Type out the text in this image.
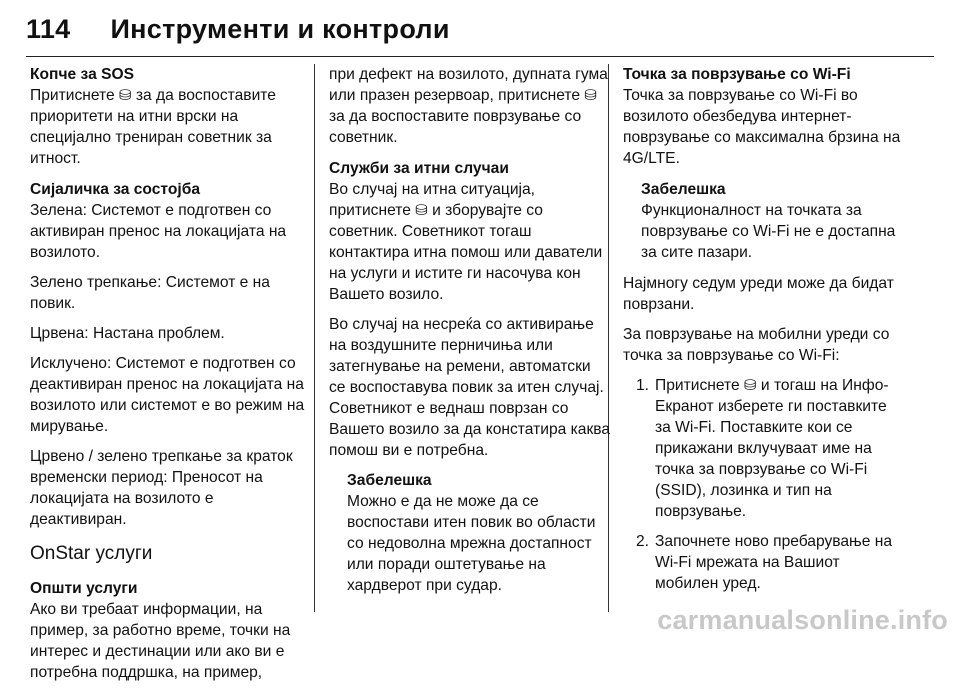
114 Инструменти и контроли
Копче за SOS
Притиснете ⛁ за да воспоставите приоритети на итни врски на специјално трениран советник за итност.
Сијаличка за состојба
Зелена: Системот е подготвен со активиран пренос на локацијата на возилото.
Зелено трепкање: Системот е на повик.
Црвена: Настана проблем.
Исклучено: Системот е подготвен со деактивиран пренос на локацијата на возилото или системот е во режим на мирување.
Црвено / зелено трепкање за краток временски период: Преносот на локацијата на возилото е деактивиран.
OnStar услуги
Општи услуги
Ако ви требаат информации, на пример, за работно време, точки на интерес и дестинации или ако ви е потребна поддршка, на пример,
при дефект на возилото, дупната гума или празен резервоар, притиснете ⛁ за да воспоставите поврзување со советник.
Служби за итни случаи
Во случај на итна ситуација, притиснете ⛁ и зборувајте со советник. Советникот тогаш контактира итна помош или даватели на услуги и истите ги насочува кон Вашето возило.
Во случај на несреќа со активирање на воздушните перничиња или затегнување на ремени, автоматски се воспоставува повик за итен случај. Советникот е веднаш поврзан со Вашето возило за да констатира каква помош ви е потребна.
Забелешка
Можно е да не може да се воспостави итен повик во области со недоволна мрежна достапност или поради оштетување на хардверот при судар.
Точка за поврзување со Wi-Fi
Точка за поврзување со Wi-Fi во возилото обезбедува интернет-поврзување со максимална брзина на 4G/LTE.
Забелешка
Функционалност на точката за поврзување со Wi-Fi не е достапна за сите пазари.
Најмногу седум уреди може да бидат поврзани.
За поврзување на мобилни уреди со точка за поврзување со Wi-Fi:
1. Притиснете ⛁ и тогаш на Инфо-Екранот изберете ги поставките за Wi-Fi. Поставките кои се прикажани вклучуваат име на точка за поврзување со Wi-Fi (SSID), лозинка и тип на поврзување.
2. Започнете ново пребарување на Wi-Fi мрежата на Вашиот мобилен уред.
carmanualsonline.info
